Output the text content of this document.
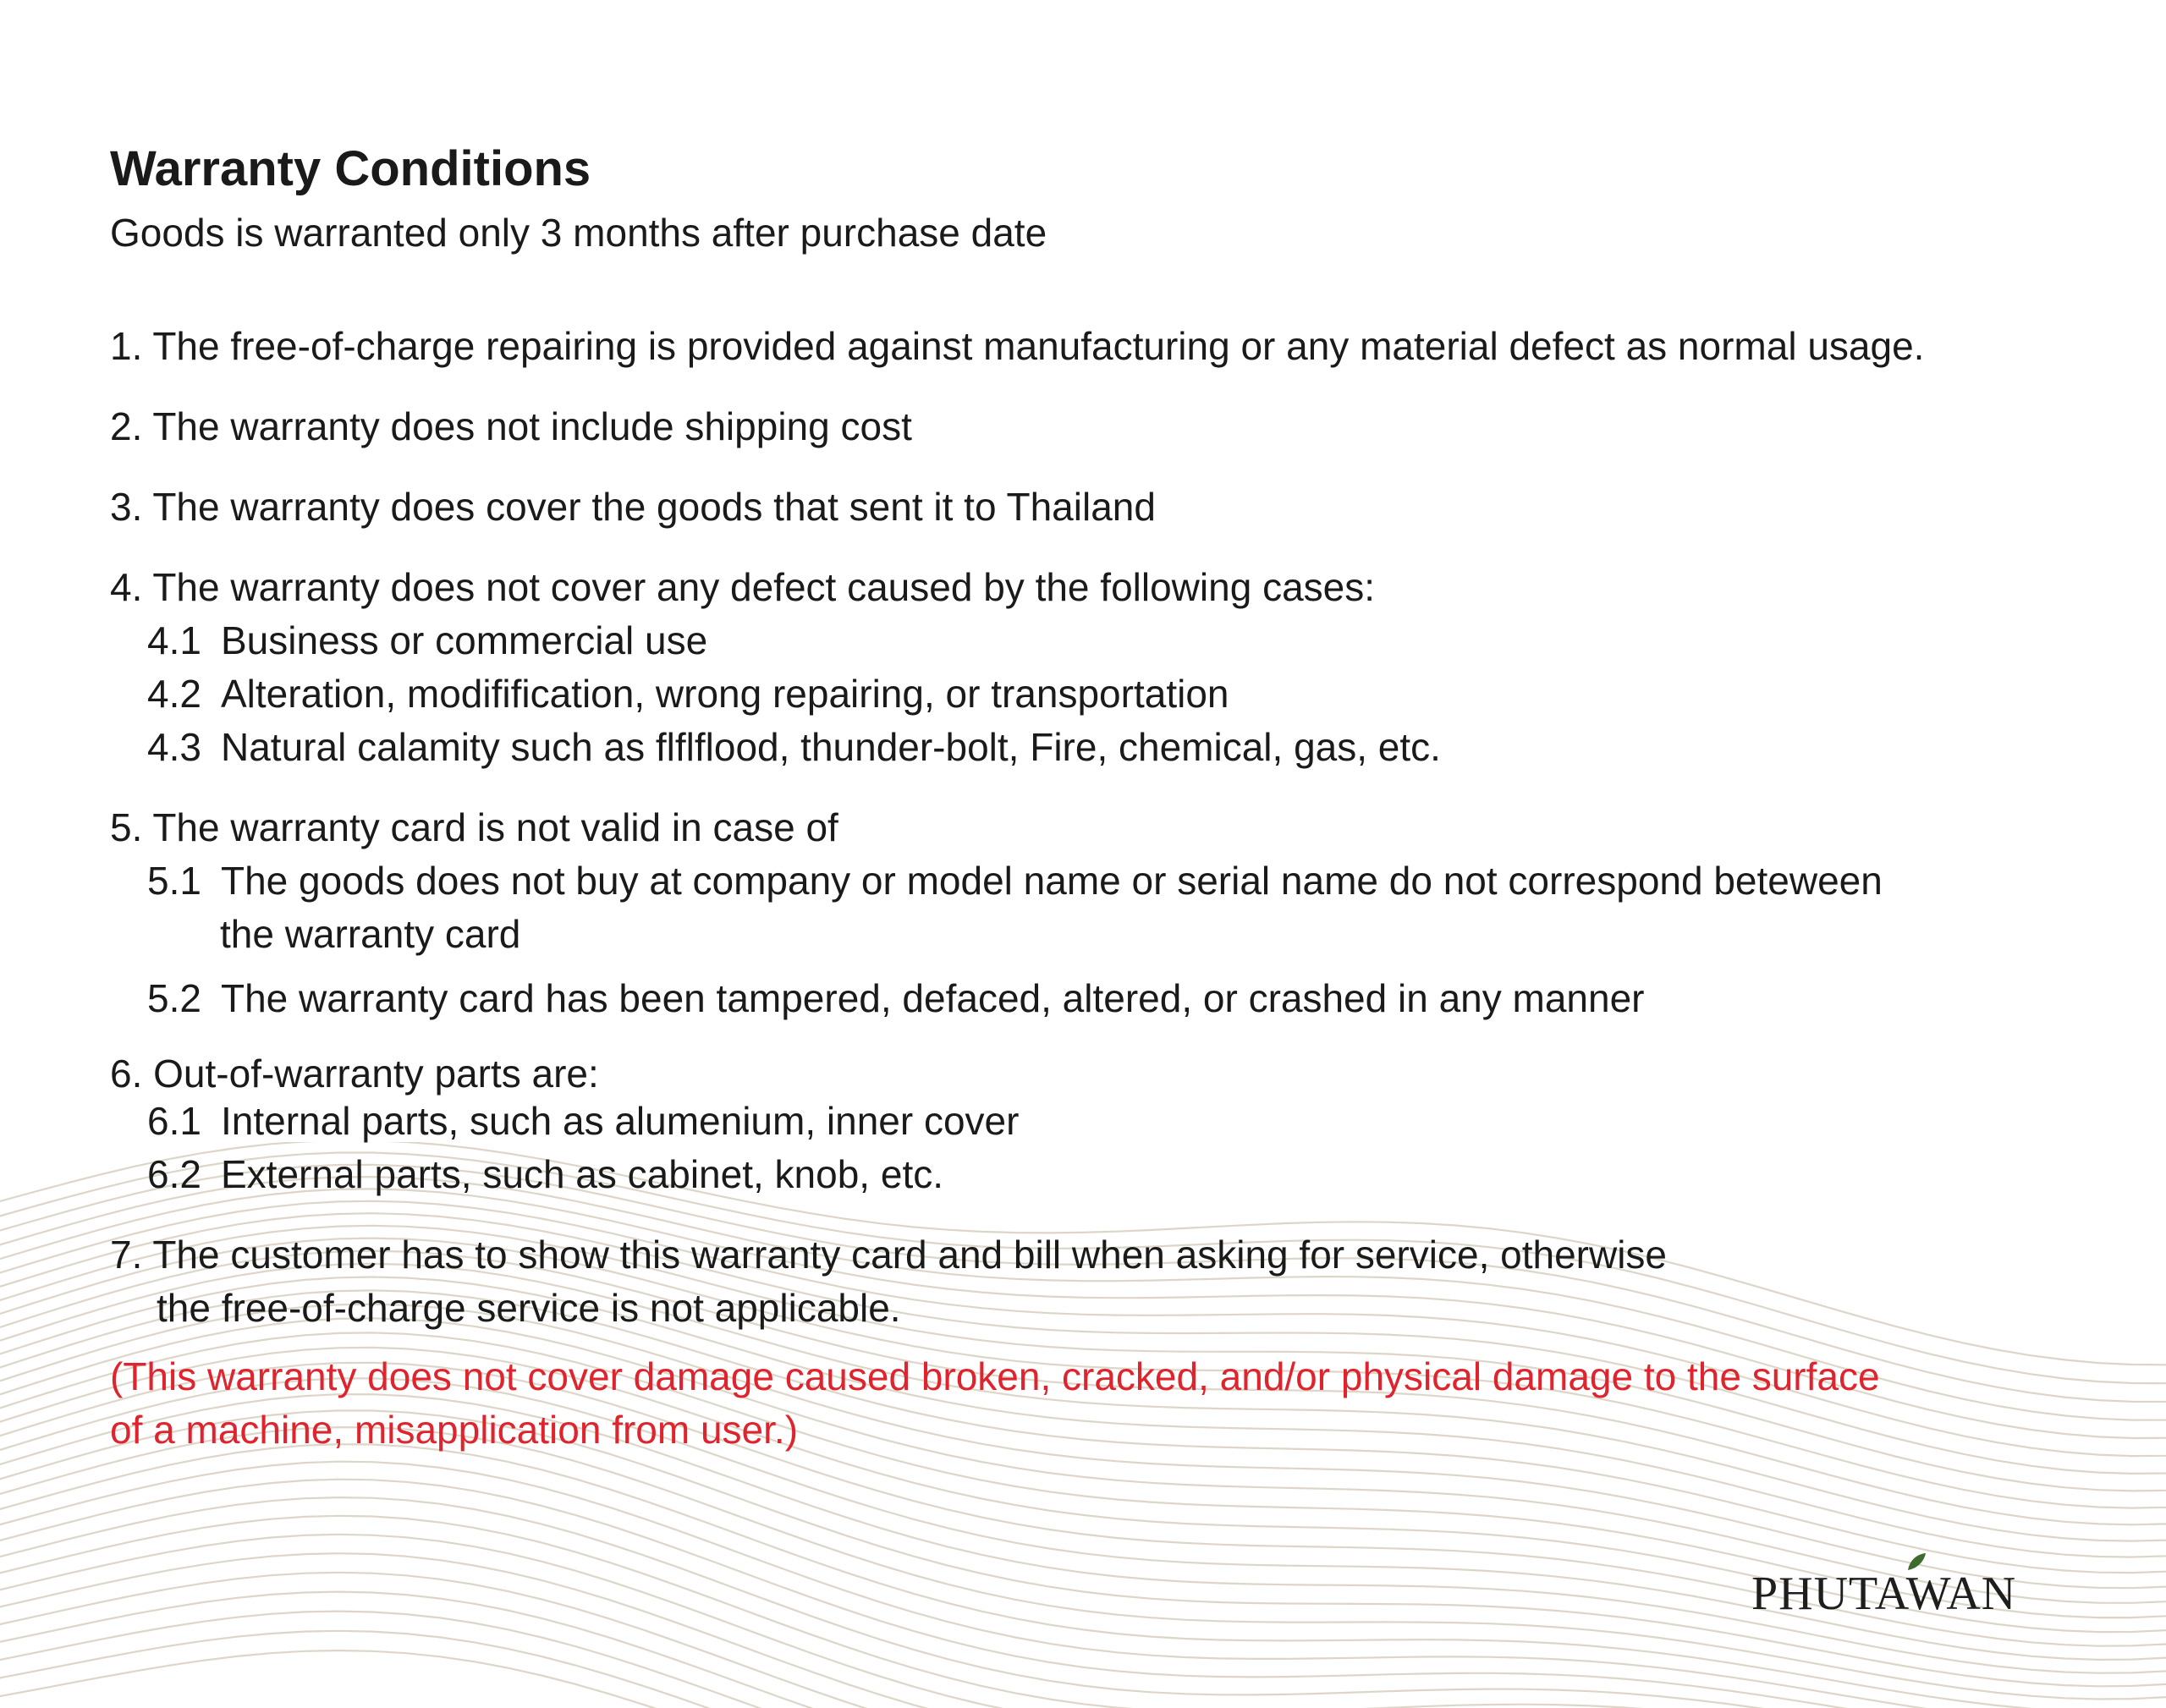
Warranty Conditions

Goods is warranted only 3 months after purchase date

1. The free-of-charge repairing is provided against manufacturing or any material defect as normal usage.
2. The warranty does not include shipping cost
3. The warranty does cover the goods that sent it to Thailand
4. The warranty does not cover any defect caused by the following cases:
4.1 Business or commercial use
4.2 Alteration, modifification, wrong repairing, or transportation
4.3 Natural calamity such as flflflood, thunder-bolt, Fire, chemical, gas, etc.
5. The warranty card is not valid in case of
5.1 The goods does not buy at company or model name or serial name do not correspond beteween
the warranty card
5.2 The warranty card has been tampered, defaced, altered, or crashed in any manner
6. Out-of-warranty parts are:
6.1 Internal parts, such as alumenium, inner cover
6.2 External parts, such as cabinet, knob, etc.
7. The customer has to show this warranty card and bill when asking for service, otherwise
the free-of-charge service is not applicable.
(This warranty does not cover damage caused broken, cracked, and/or physical damage to the surface
of a machine, misapplication from user.)
PHUTAWAN
